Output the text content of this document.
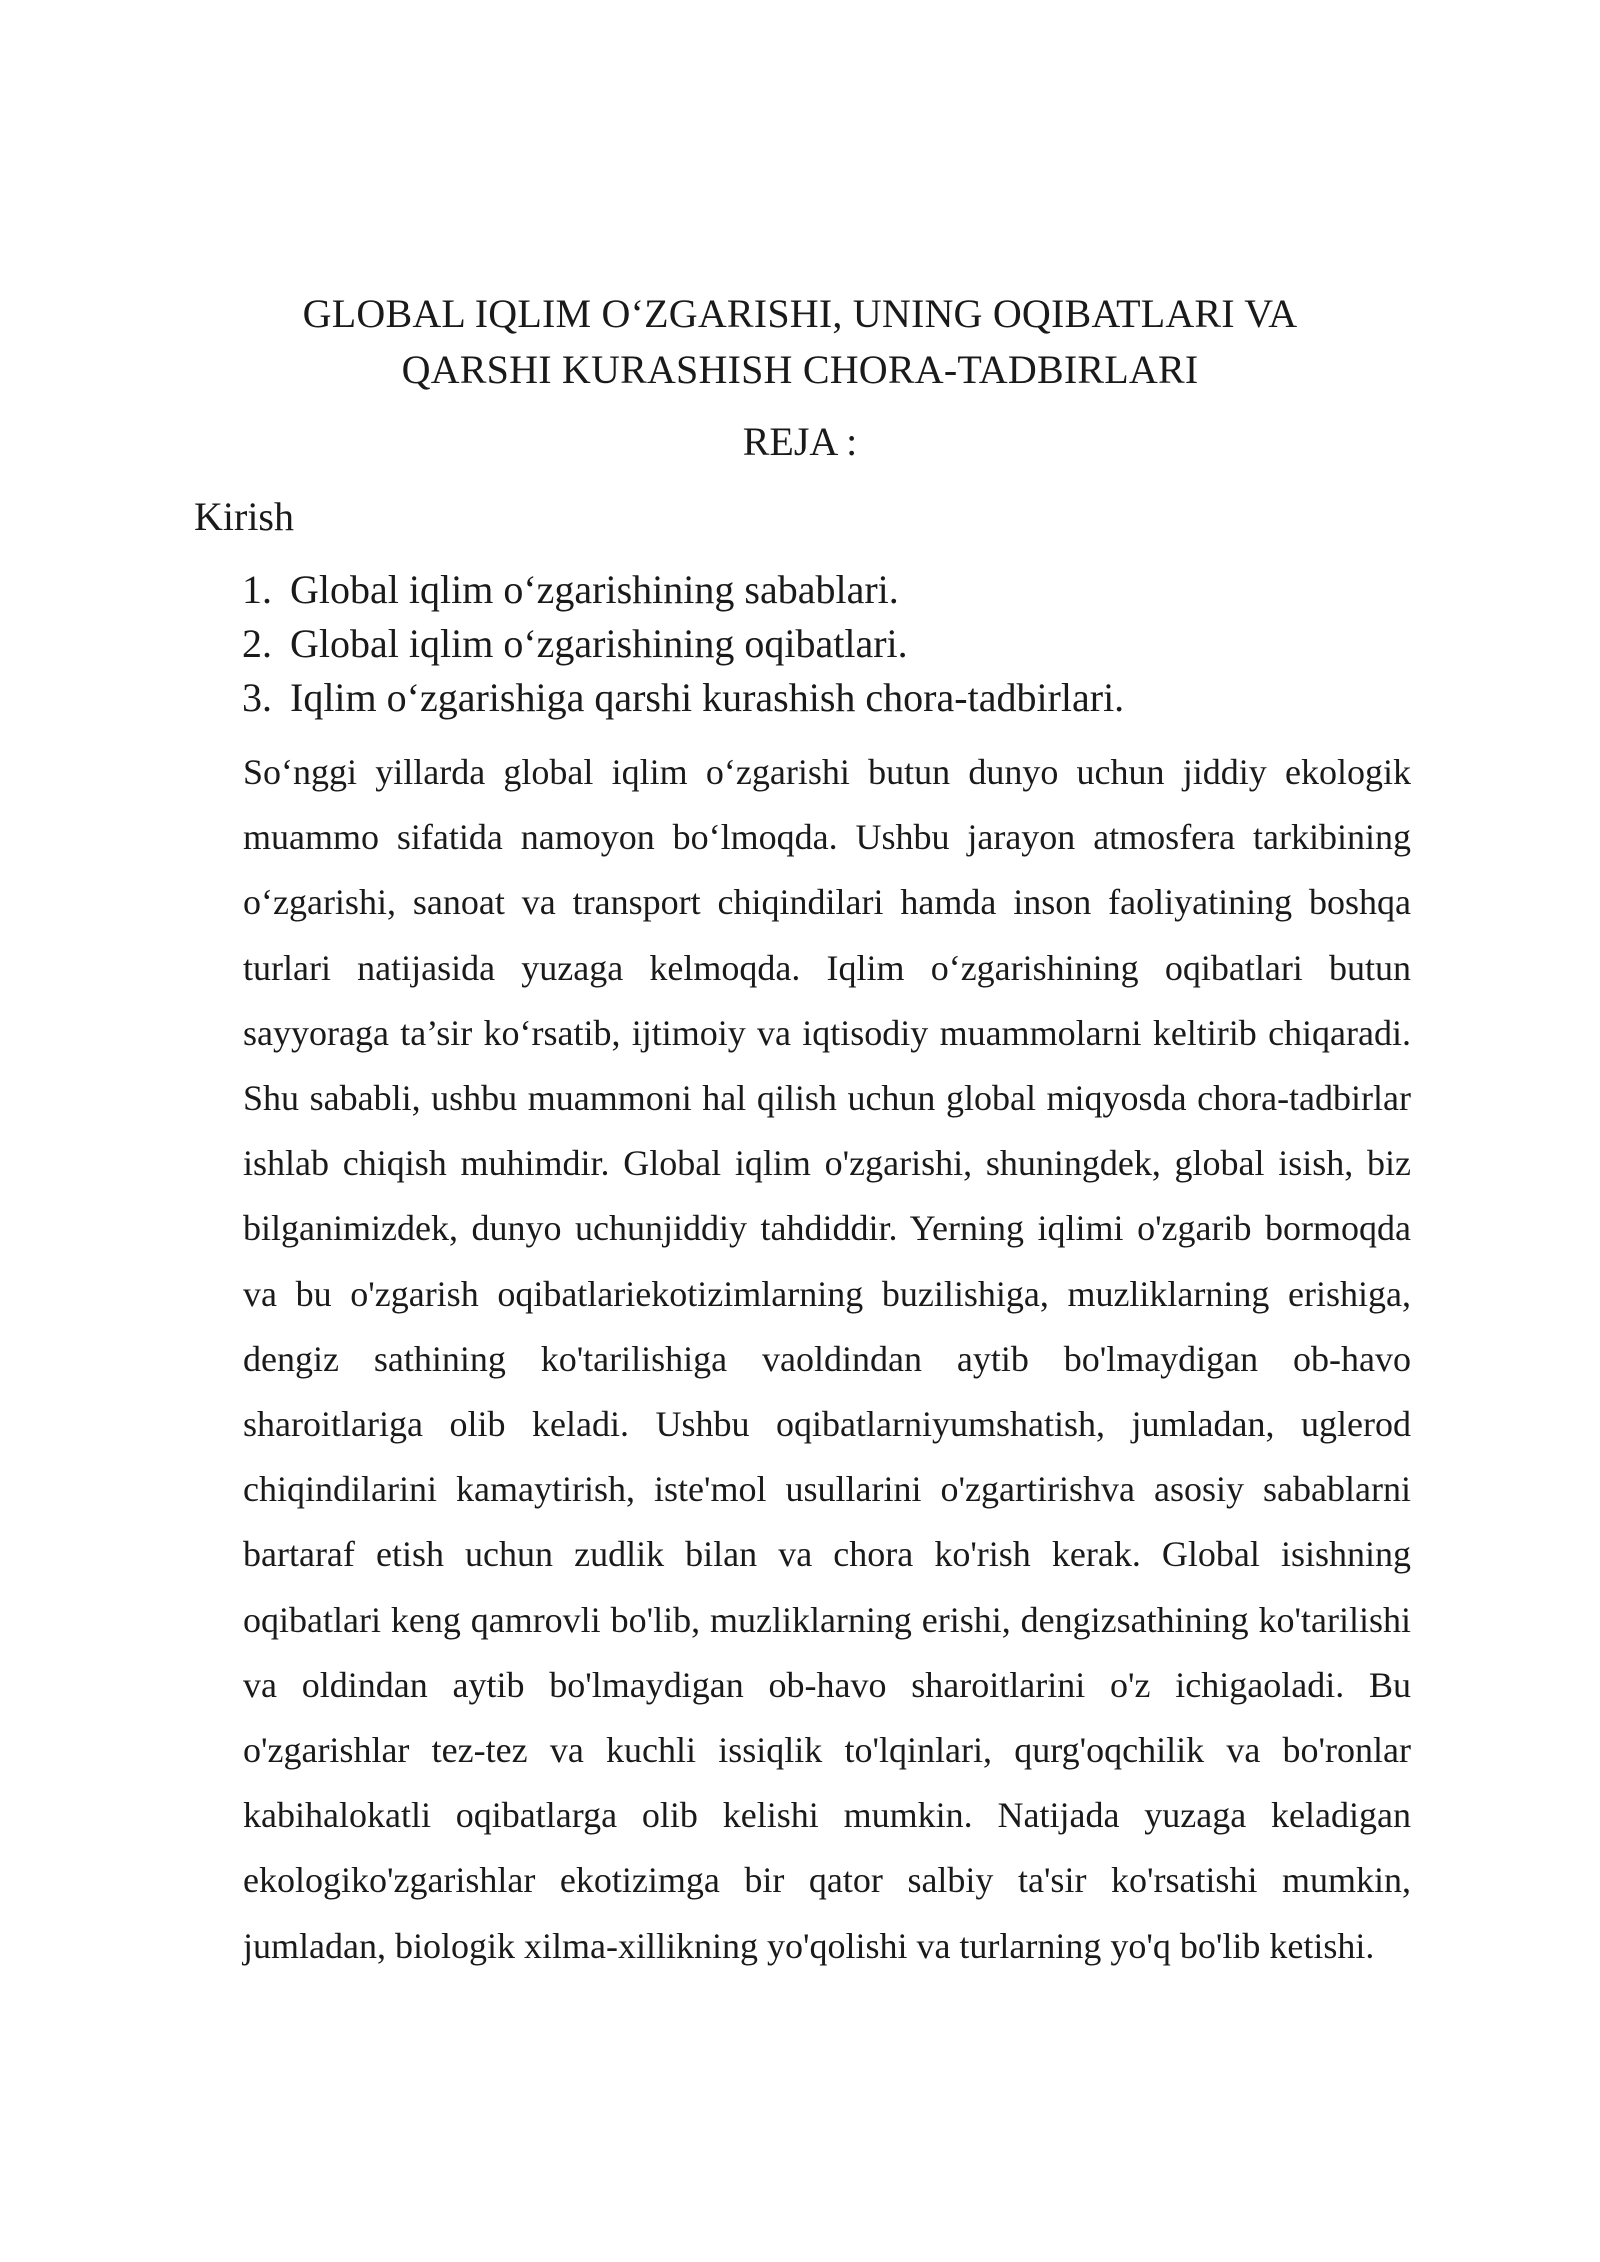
GLOBAL IQLIM O‘ZGARISHI, UNING OQIBATLARI VA
QARSHI KURASHISH CHORA-TADBIRLARI
REJA :

Kirish

1. Global iqlim o‘zgarishining sabablari.
2. Global iqlim o‘zgarishining oqibatlari.
3. Iqlim o‘zgarishiga qarshi kurashish chora-tadbirlari.

So‘nggi yillarda global iqlim o‘zgarishi butun dunyo uchun jiddiy ekologik muammo sifatida namoyon bo‘lmoqda. Ushbu jarayon atmosfera tarkibining o‘zgarishi, sanoat va transport chiqindilari hamda inson faoliyatining boshqa turlari natijasida yuzaga kelmoqda. Iqlim o‘zgarishining oqibatlari butun sayyoraga ta’sir ko‘rsatib, ijtimoiy va iqtisodiy muammolarni keltirib chiqaradi. Shu sababli, ushbu muammoni hal qilish uchun global miqyosda chora-tadbirlar ishlab chiqish muhimdir. Global iqlim o'zgarishi, shuningdek, global isish, biz bilganimizdek, dunyo uchunjiddiy tahdiddir. Yerning iqlimi o'zgarib bormoqda va bu o'zgarish oqibatlariekotizimlarning buzilishiga, muzliklarning erishiga, dengiz sathining ko'tarilishiga vaoldindan aytib bo'lmaydigan ob-havo sharoitlariga olib keladi. Ushbu oqibatlarniyumshatish, jumladan, uglerod chiqindilarini kamaytirish, iste'mol usullarini o'zgartirishva asosiy sabablarni bartaraf etish uchun zudlik bilan va chora ko'rish kerak. Global isishning oqibatlari keng qamrovli bo'lib, muzliklarning erishi, dengizsathining ko'tarilishi va oldindan aytib bo'lmaydigan ob-havo sharoitlarini o'z ichigaoladi. Bu o'zgarishlar tez-tez va kuchli issiqlik to'lqinlari, qurg'oqchilik va bo'ronlar kabihalokatli oqibatlarga olib kelishi mumkin. Natijada yuzaga keladigan ekologiko'zgarishlar ekotizimga bir qator salbiy ta'sir ko'rsatishi mumkin, jumladan, biologik xilma-xillikning yo'qolishi va turlarning yo'q bo'lib ketishi.
